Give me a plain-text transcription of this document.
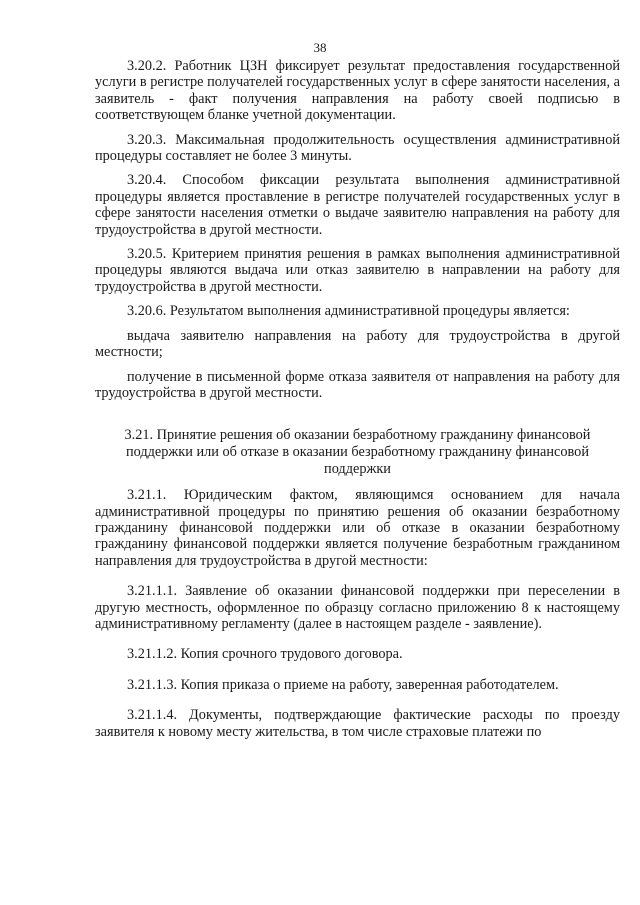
38

3.20.2. Работник ЦЗН фиксирует результат предоставления государственной услуги в регистре получателей государственных услуг в сфере занятости населения, а заявитель - факт получения направления на работу своей подписью в соответствующем бланке учетной документации.

3.20.3. Максимальная продолжительность осуществления административной процедуры составляет не более 3 минуты.

3.20.4. Способом фиксации результата выполнения административной процедуры является проставление в регистре получателей государственных услуг в сфере занятости населения отметки о выдаче заявителю направления на работу для трудоустройства в другой местности.

3.20.5. Критерием принятия решения в рамках выполнения административной процедуры являются выдача или отказ заявителю в направлении на работу для трудоустройства в другой местности.

3.20.6. Результатом выполнения административной процедуры является:

выдача заявителю направления на работу для трудоустройства в другой местности;

получение в письменной форме отказа заявителя от направления на работу для трудоустройства в другой местности.

3.21. Принятие решения об оказании безработному гражданину финансовой поддержки или об отказе в оказании безработному гражданину финансовой поддержки

3.21.1. Юридическим фактом, являющимся основанием для начала административной процедуры по принятию решения об оказании безработному гражданину финансовой поддержки или об отказе в оказании безработному гражданину финансовой поддержки является получение безработным гражданином направления для трудоустройства в другой местности:

3.21.1.1. Заявление об оказании финансовой поддержки при переселении в другую местность, оформленное по образцу согласно приложению 8 к настоящему административному регламенту (далее в настоящем разделе - заявление).

3.21.1.2. Копия срочного трудового договора.

3.21.1.3. Копия приказа о приеме на работу, заверенная работодателем.

3.21.1.4. Документы, подтверждающие фактические расходы по проезду заявителя к новому месту жительства, в том числе страховые платежи по
